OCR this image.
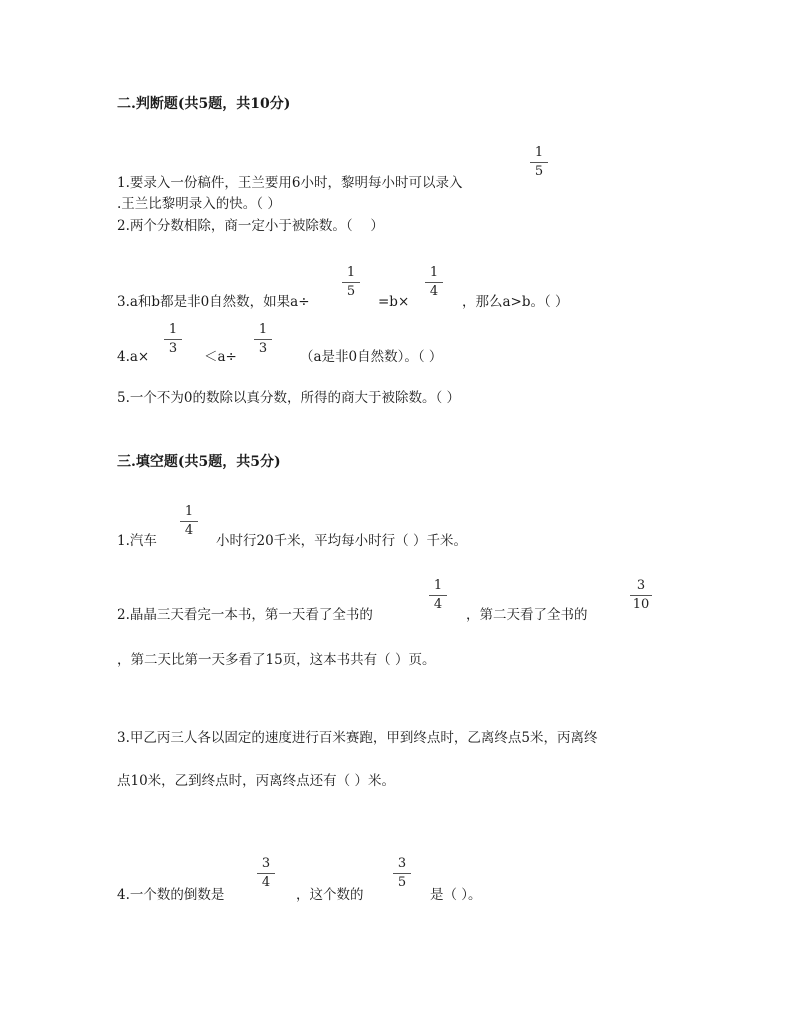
二.判断题(共5题，共10分)
1
5
1.要录入一份稿件，王兰要用6小时，黎明每小时可以录入
.王兰比黎明录入的快。（ ）
2.两个分数相除，商一定小于被除数。（　 ）
3.a和b都是非0自然数，如果a÷
1
5
=b×
1
4
，那么a>b。（ ）
4.a×
1
3
＜a÷
1
3
（a是非0自然数）。（ ）
5.一个不为0的数除以真分数，所得的商大于被除数。（ ）
三.填空题(共5题，共5分)
1.汽车
1
4
小时行20千米，平均每小时行（ ）千米。
2.晶晶三天看完一本书，第一天看了全书的
1
4
，第二天看了全书的
3
10
，第二天比第一天多看了15页，这本书共有（ ）页。
3.甲乙丙三人各以固定的速度进行百米赛跑，甲到终点时，乙离终点5米，丙离终
点10米，乙到终点时，丙离终点还有（ ）米。
4.一个数的倒数是
3
4
，这个数的
3
5
是（ ）。
